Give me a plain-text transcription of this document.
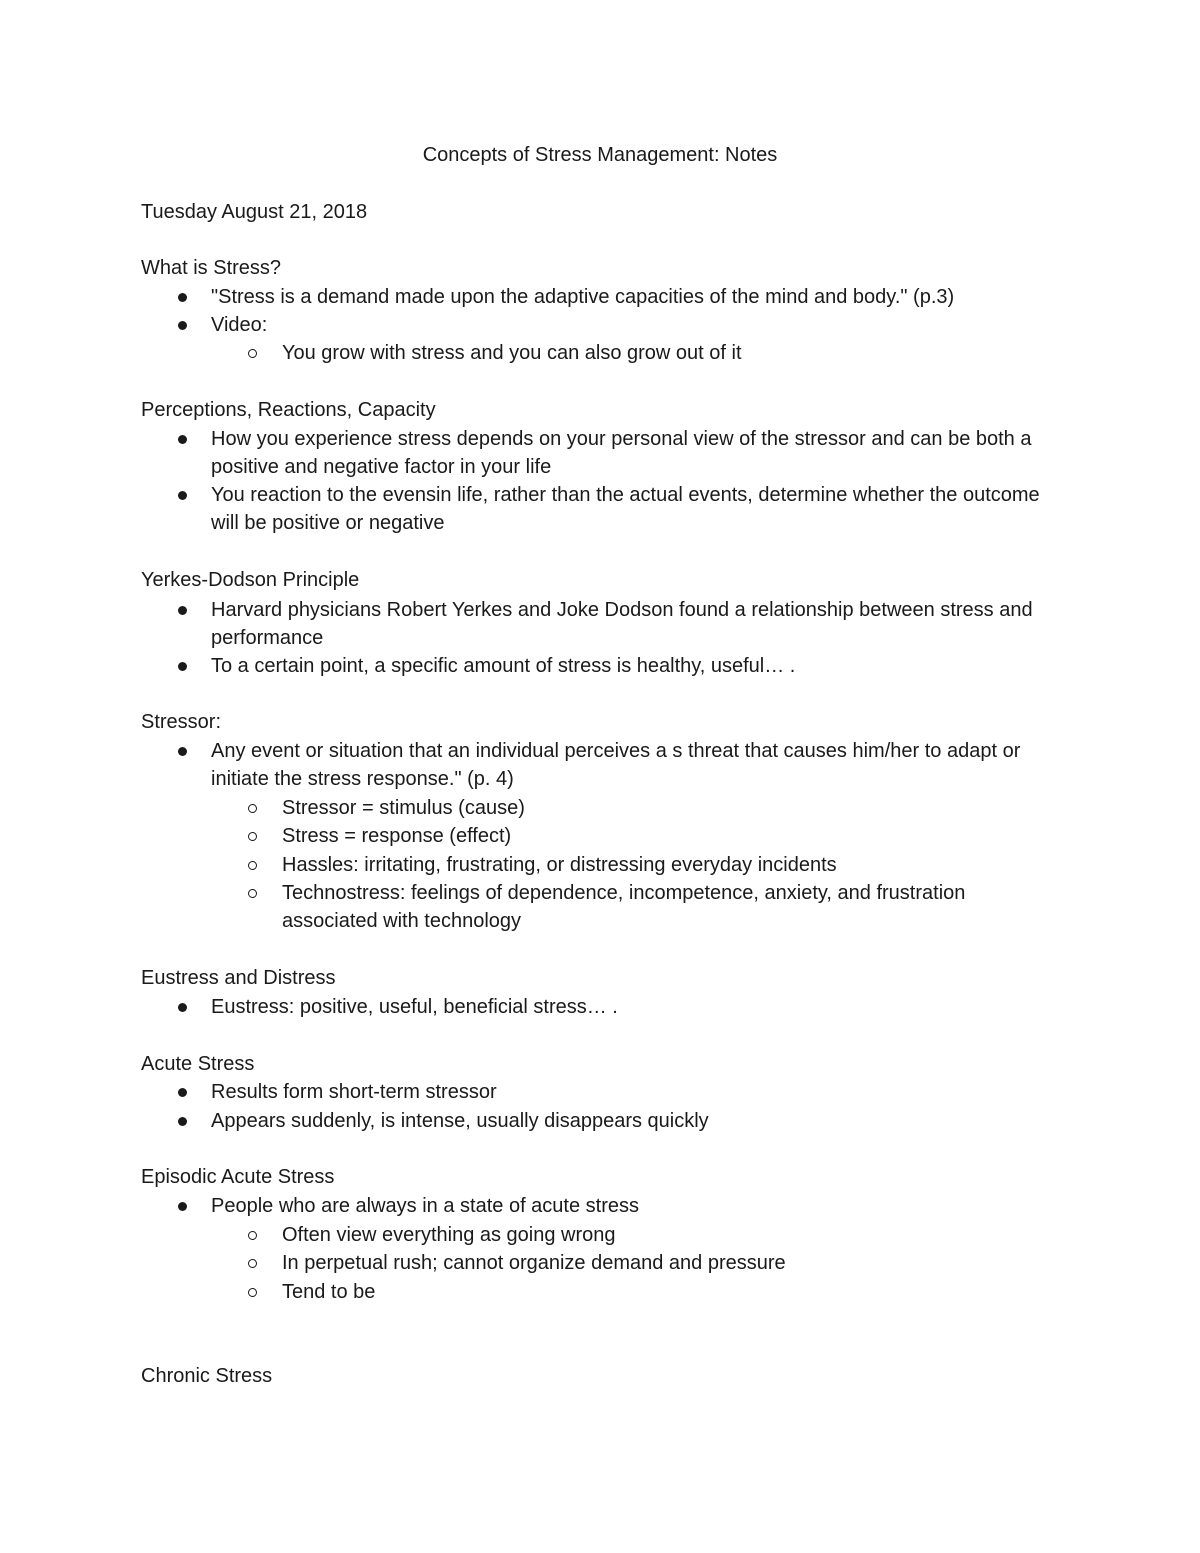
Concepts of Stress Management: Notes
Tuesday August 21, 2018
What is Stress?
"Stress is a demand made upon the adaptive capacities of the mind and body." (p.3)
Video:
You grow with stress and you can also grow out of it
Perceptions, Reactions, Capacity
How you experience stress depends on your personal view of the stressor and can be both a positive and negative factor in your life
You reaction to the evensin life, rather than the actual events, determine whether the outcome will be positive or negative
Yerkes-Dodson Principle
Harvard physicians Robert Yerkes and Joke Dodson found a relationship between stress and performance
To a certain point, a specific amount of stress is healthy, useful… .
Stressor:
Any event or situation that an individual perceives a s threat that causes him/her to adapt or initiate the stress response." (p. 4)
Stressor = stimulus (cause)
Stress = response (effect)
Hassles: irritating, frustrating, or distressing everyday incidents
Technostress: feelings of dependence, incompetence, anxiety, and frustration associated with technology
Eustress and Distress
Eustress: positive, useful, beneficial stress… .
Acute Stress
Results form short-term stressor
Appears suddenly, is intense, usually disappears quickly
Episodic Acute Stress
People who are always in a state of acute stress
Often view everything as going wrong
In perpetual rush; cannot organize demand and pressure
Tend to be
Chronic Stress
